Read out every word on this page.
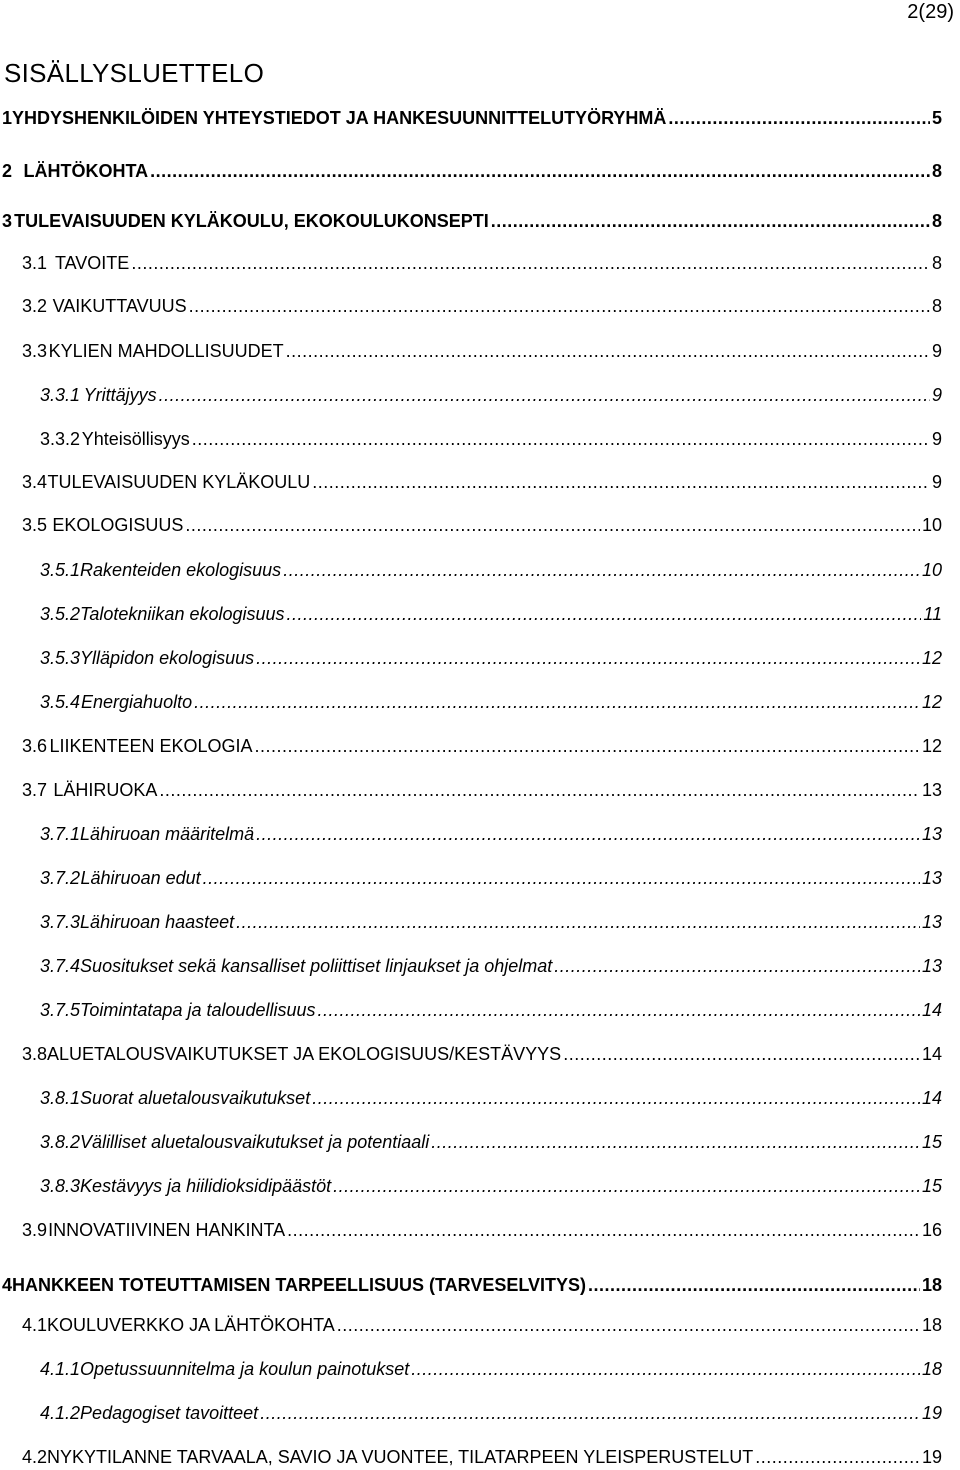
2(29)
SISÄLLYSLUETTELO
1 YHDYSHENKILÖIDEN YHTEYSTIEDOT JA HANKESUUNNITTELUTYÖRYHMÄ .....	5
2 LÄHTÖKOHTA .....	8
3 TULEVAISUUDEN KYLÄKOULU, EKOKOULUKONSEPTI .....	8
3.1 TAVOITE .....	8
3.2 VAIKUTTAVUUS .....	8
3.3 KYLIEN MAHDOLLISUUDET .....	9
3.3.1 Yrittäjyys .....	9
3.3.2 Yhteisöllisyys .....	9
3.4 TULEVAISUUDEN KYLÄKOULU .....	9
3.5 EKOLOGISUUS .....	10
3.5.1 Rakenteiden ekologisuus .....	10
3.5.2 Talotekniikan ekologisuus .....	11
3.5.3 Ylläpidon ekologisuus .....	12
3.5.4 Energiahuolto .....	12
3.6 LIIKENTEEN EKOLOGIA .....	12
3.7 LÄHIRUOKA .....	13
3.7.1 Lähiruoan määritelmä .....	13
3.7.2 Lähiruoan edut .....	13
3.7.3 Lähiruoan haasteet .....	13
3.7.4 Suositukset sekä kansalliset poliittiset linjaukset ja ohjelmat .....	13
3.7.5 Toimintatapa ja taloudellisuus .....	14
3.8 ALUETALOUSVAIKUTUKSET JA EKOLOGISUUS/KESTÄVYYS .....	14
3.8.1 Suorat aluetalousvaikutukset .....	14
3.8.2 Välilliset aluetalousvaikutukset ja potentiaali .....	15
3.8.3 Kestävyys ja hiilidioksidipäästöt .....	15
3.9 INNOVATIIVINEN HANKINTA .....	16
4 HANKKEEN TOTEUTTAMISEN TARPEELLISUUS (TARVESELVITYS) .....	18
4.1 KOULUVERKKO JA LÄHTÖKOHTA .....	18
4.1.1 Opetussuunnitelma ja koulun painotukset .....	18
4.1.2 Pedagogiset tavoitteet .....	19
4.2 NYKYTILANNE TARVAALA, SAVIO JA VUONTEE, TILATARPEEN YLEISPERUSTELUT .....	19
